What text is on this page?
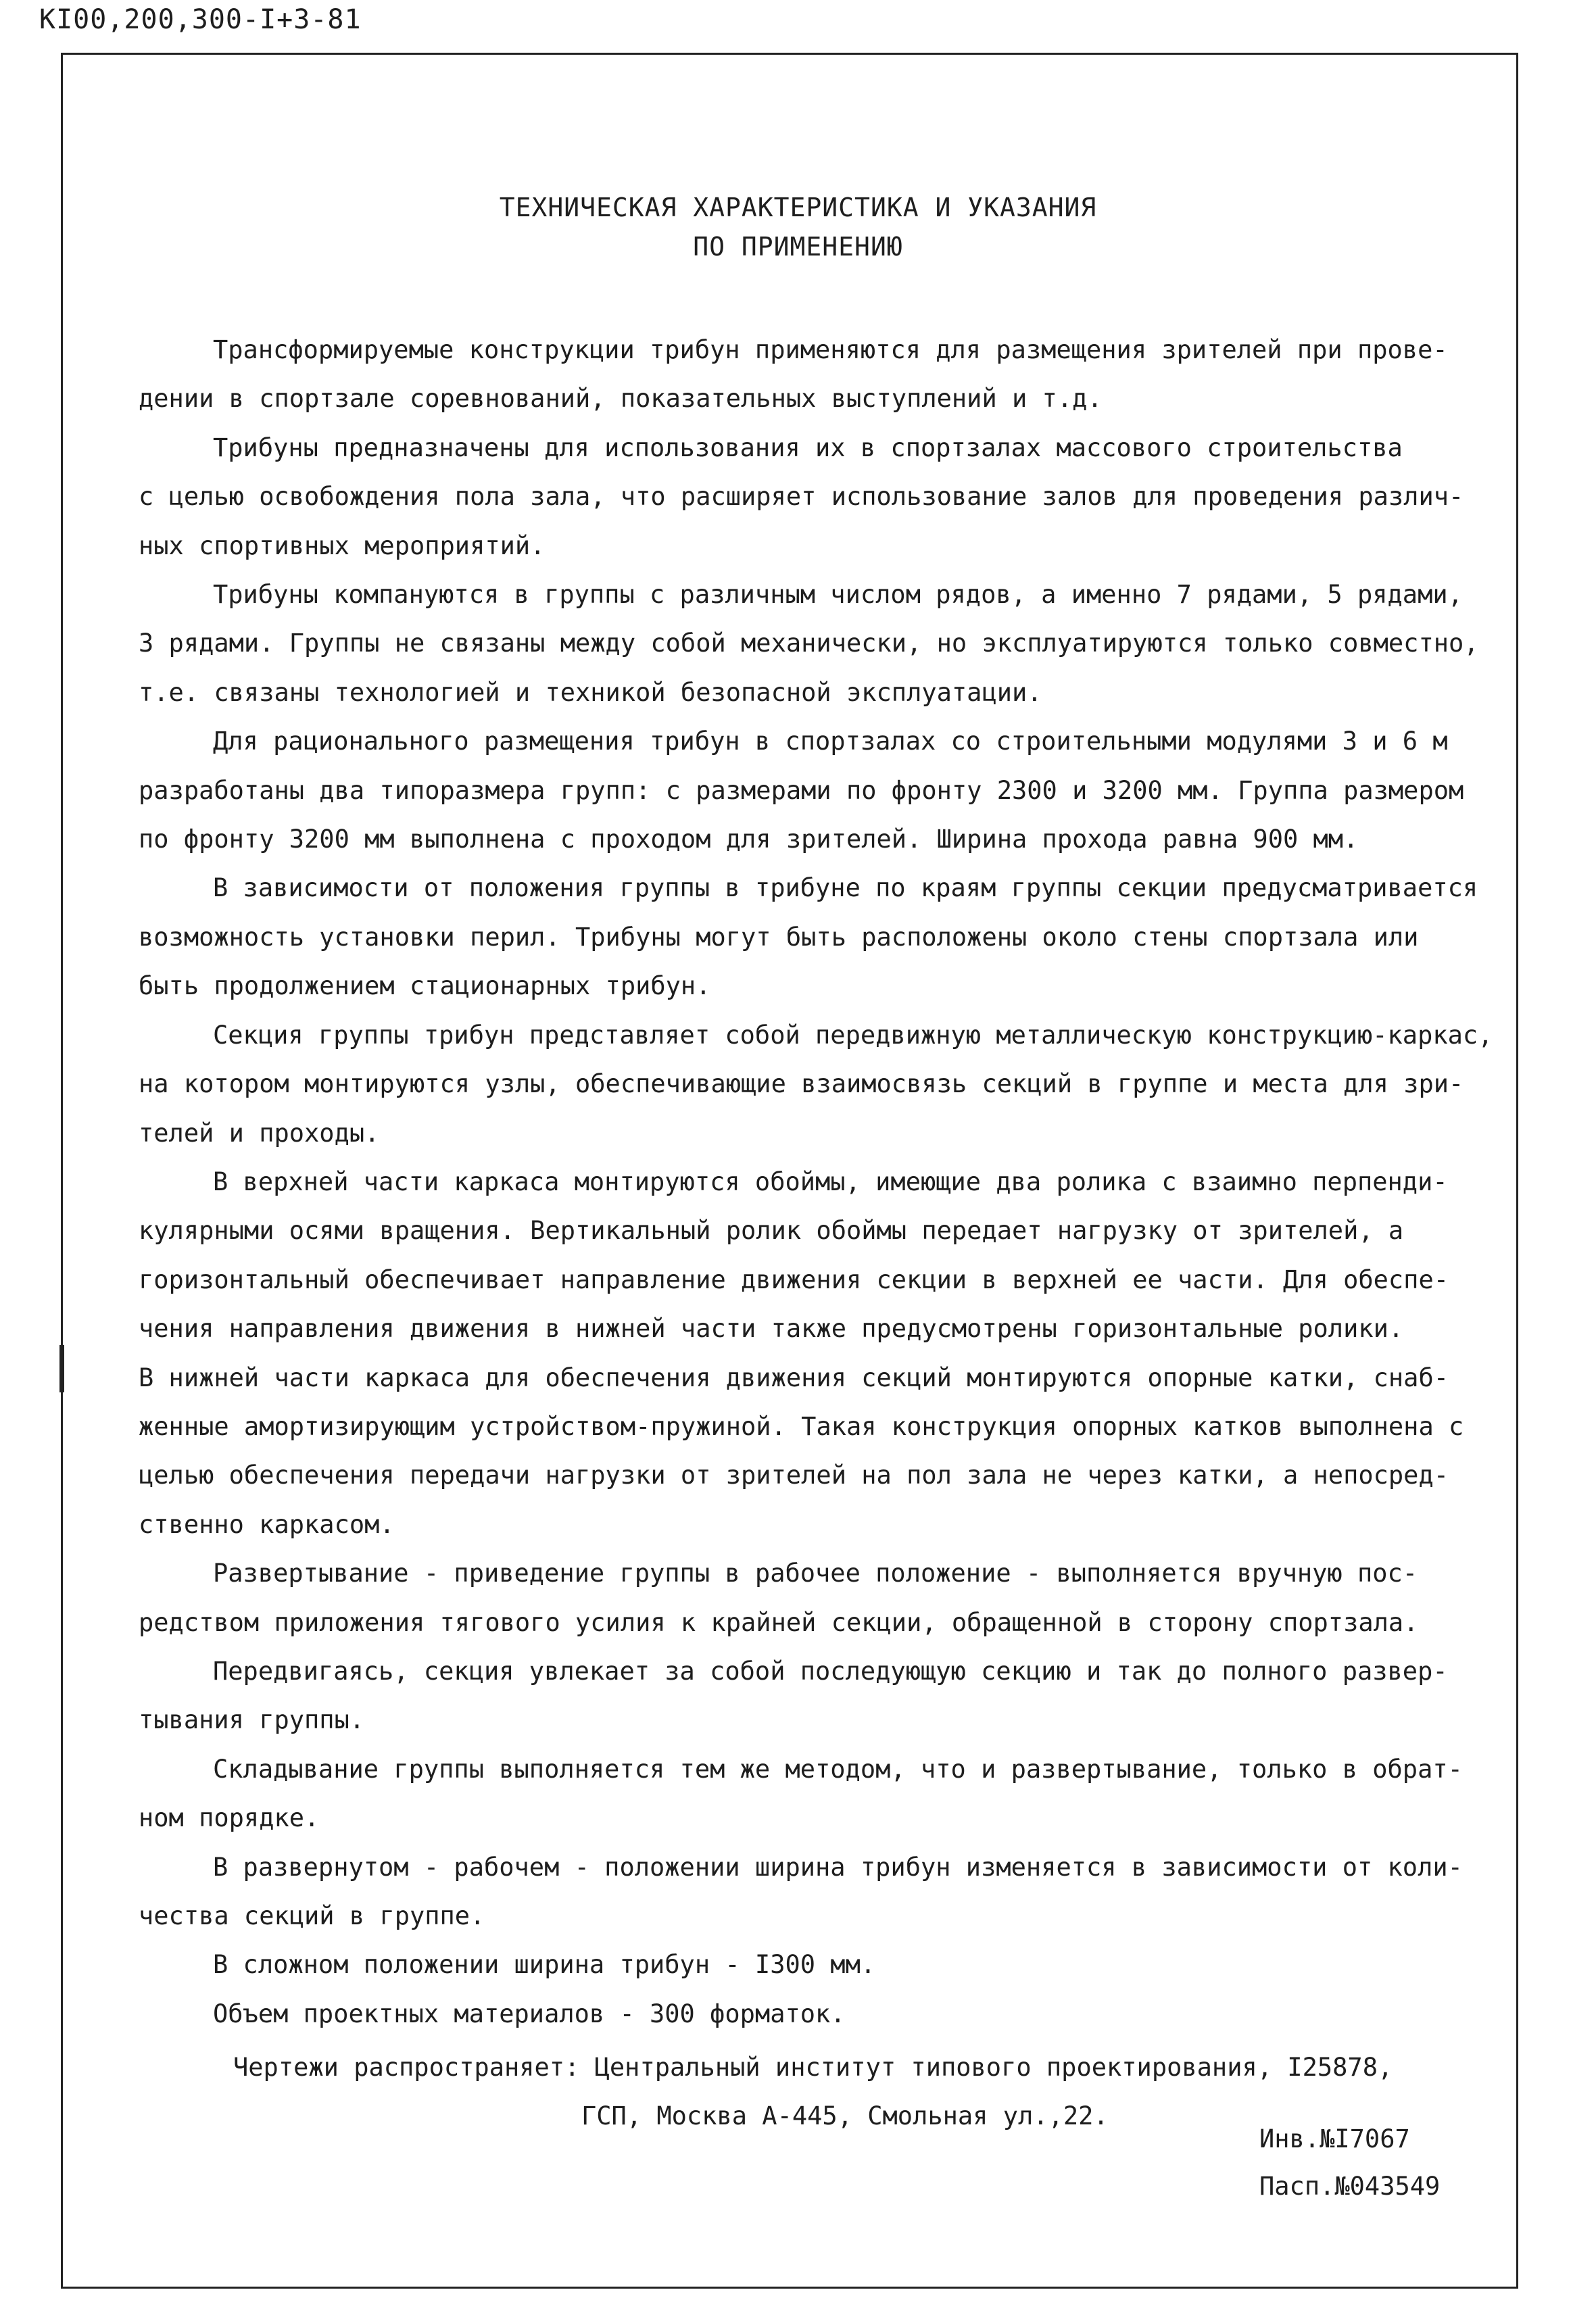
КI00,200,300-I+3-81
ТЕХНИЧЕСКАЯ ХАРАКТЕРИСТИКА И УКАЗАНИЯ
ПО ПРИМЕНЕНИЮ
Трансформируемые конструкции трибун применяются для размещения зрителей при прове-
дении в спортзале соревнований, показательных выступлений и т.д.
Трибуны предназначены для использования их в спортзалах массового строительства
с целью освобождения пола зала, что расширяет использование залов для проведения различ-
ных спортивных мероприятий.
Трибуны компануются в группы с различным числом рядов, а именно 7 рядами, 5 рядами,
3 рядами. Группы не связаны между собой механически, но эксплуатируются только совместно,
т.е. связаны технологией и техникой безопасной эксплуатации.
Для рационального размещения трибун в спортзалах со строительными модулями 3 и 6 м
разработаны два типоразмера групп: с размерами по фронту 2300 и 3200 мм. Группа размером
по фронту 3200 мм выполнена с проходом для зрителей. Ширина прохода равна 900 мм.
В зависимости от положения группы в трибуне по краям группы секции предусматривается
возможность установки перил. Трибуны могут быть расположены около стены спортзала или
быть продолжением стационарных трибун.
Секция группы трибун представляет собой передвижную металлическую конструкцию-каркас,
на котором монтируются узлы, обеспечивающие взаимосвязь секций в группе и места для зри-
телей и проходы.
В верхней части каркаса монтируются обоймы, имеющие два ролика с взаимно перпенди-
кулярными осями вращения. Вертикальный ролик обоймы передает нагрузку от зрителей, а
горизонтальный обеспечивает направление движения секции в верхней ее части. Для обеспе-
чения направления движения в нижней части также предусмотрены горизонтальные ролики.
В нижней части каркаса для обеспечения движения секций монтируются опорные катки, снаб-
женные амортизирующим устройством-пружиной. Такая конструкция опорных катков выполнена с
целью обеспечения передачи нагрузки от зрителей на пол зала не через катки, а непосред-
ственно каркасом.
Развертывание - приведение группы в рабочее положение - выполняется вручную пос-
редством приложения тягового усилия к крайней секции, обращенной в сторону спортзала.
Передвигаясь, секция увлекает за собой последующую секцию и так до полного развер-
тывания группы.
Складывание группы выполняется тем же методом, что и развертывание, только в обрат-
ном порядке.
В развернутом - рабочем - положении ширина трибун изменяется в зависимости от коли-
чества секций в группе.
В сложном положении ширина трибун - I300 мм.
Объем проектных материалов - 300 форматок.
Чертежи распространяет: Центральный институт типового проектирования, I25878,
ГСП, Москва А-445, Смольная ул.,22.
Инв.№I7067
Пасп.№043549
